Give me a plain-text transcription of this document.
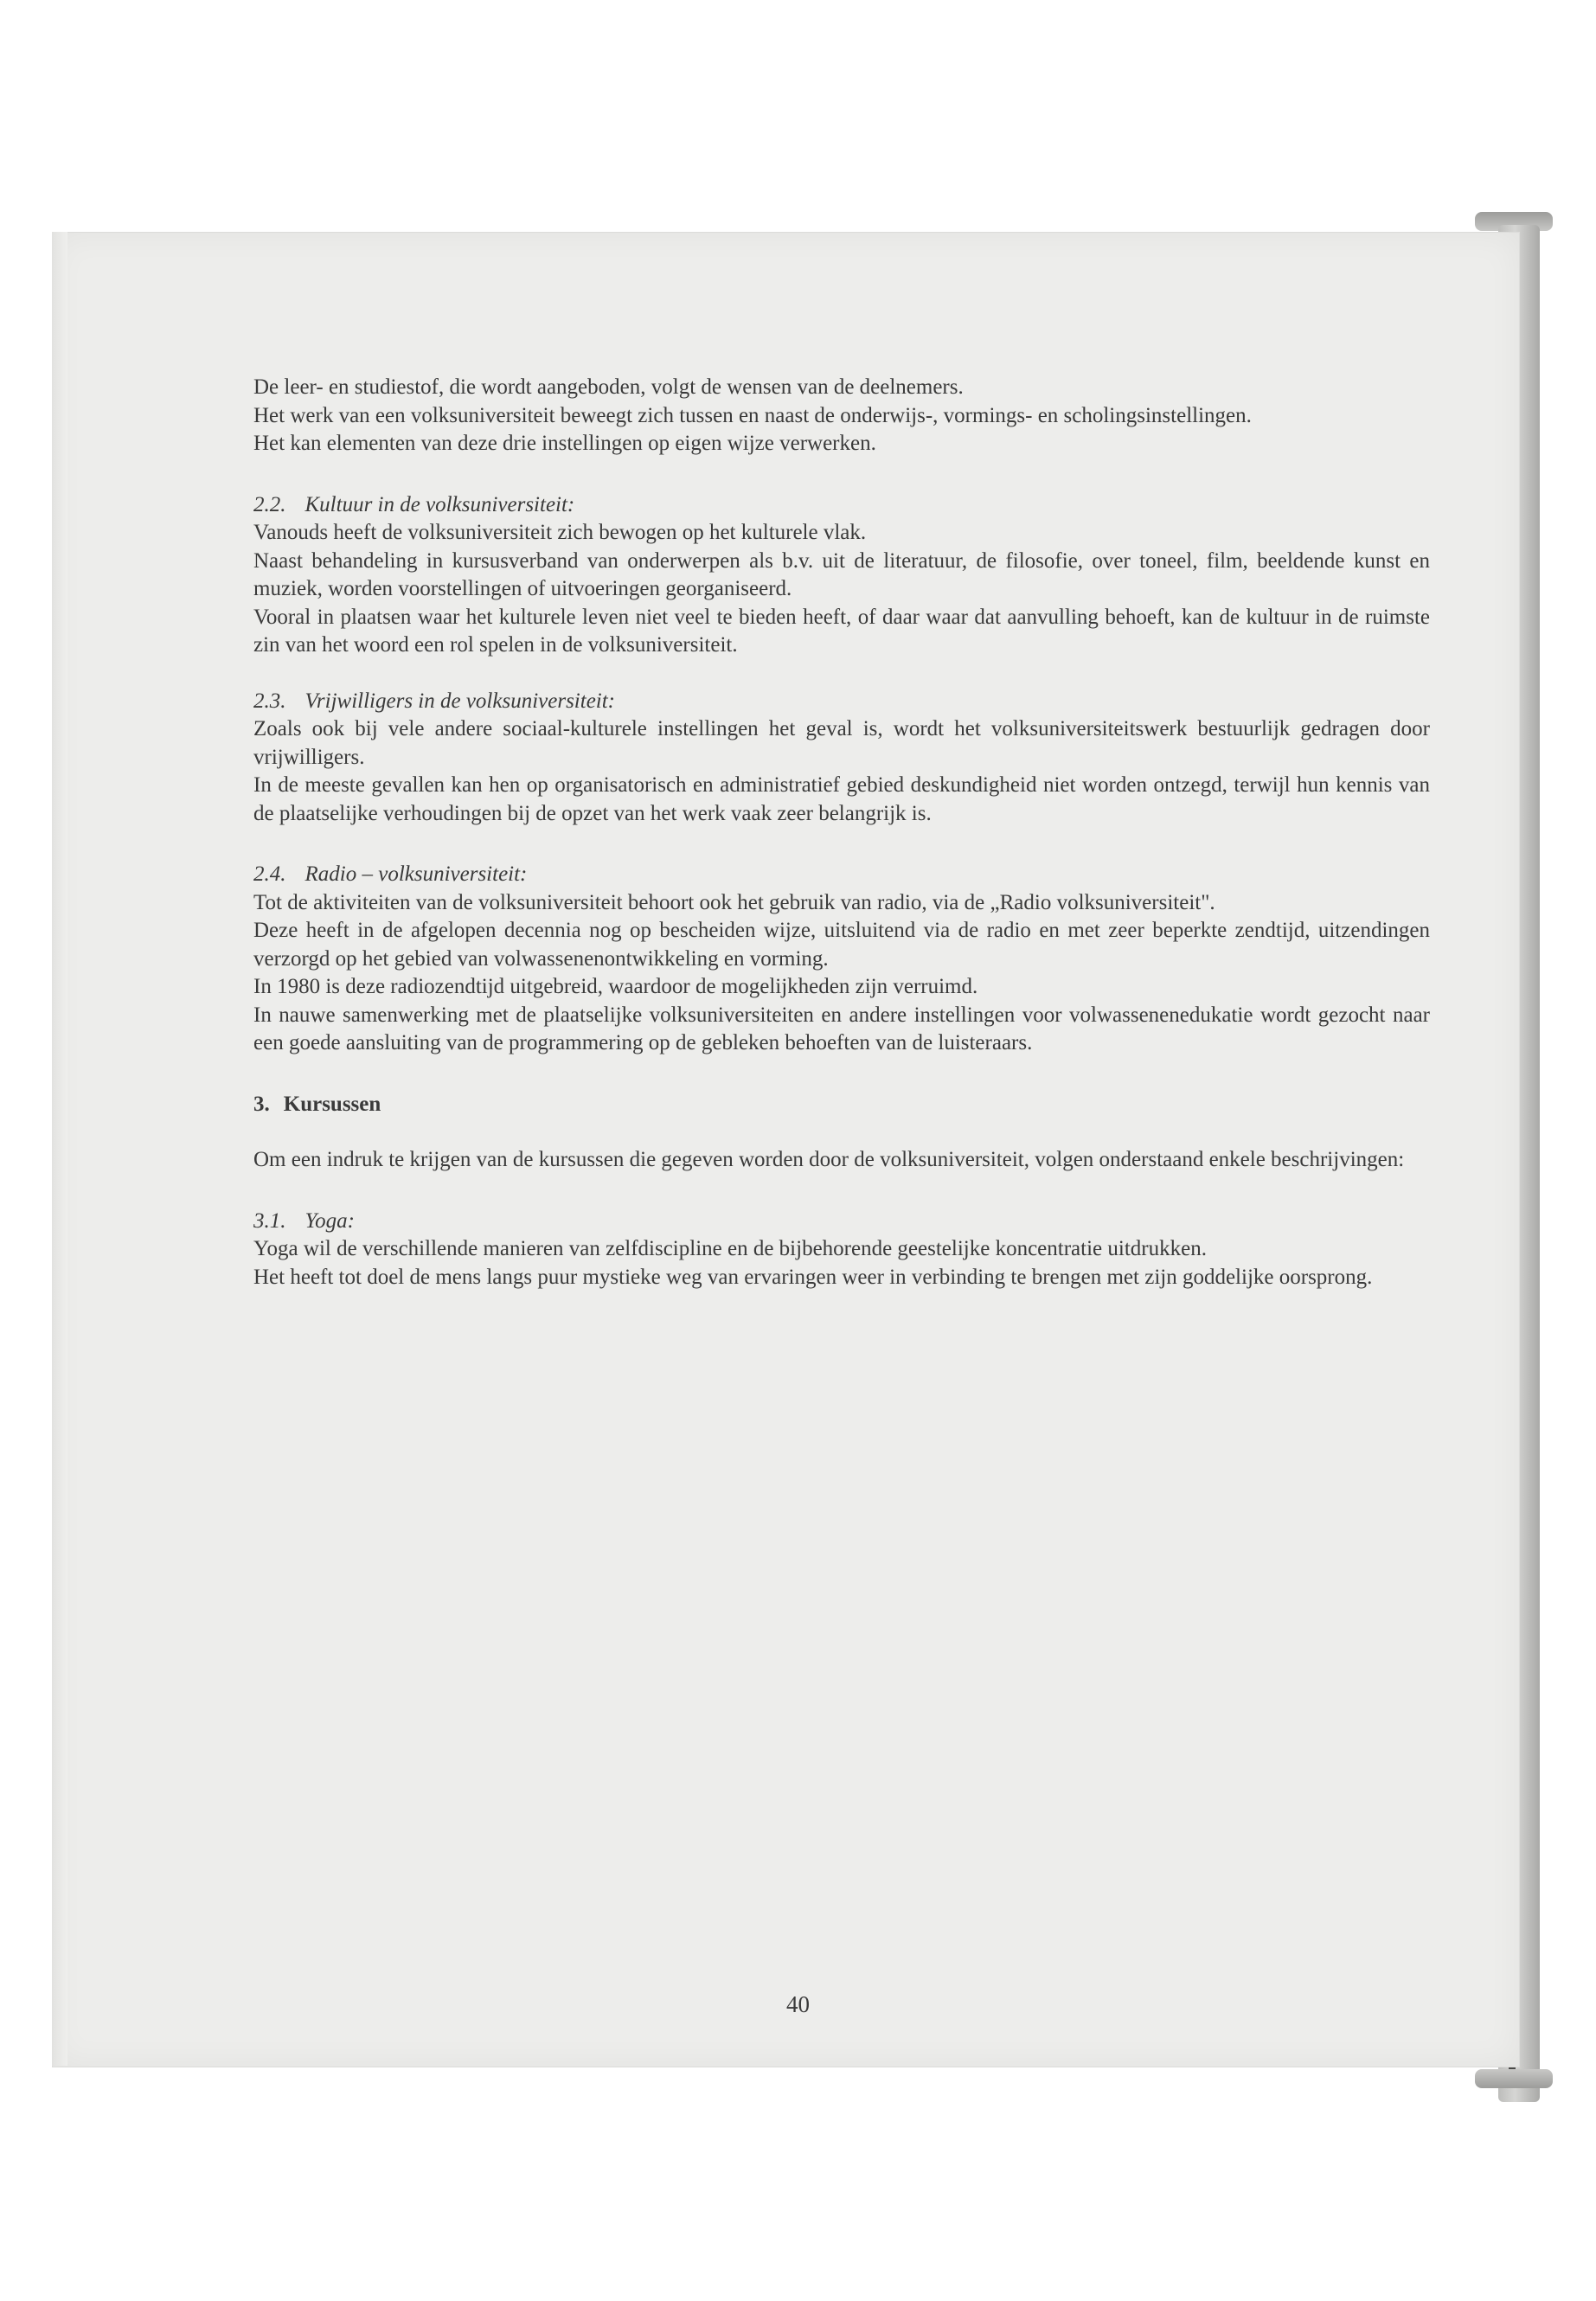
De leer- en studiestof, die wordt aangeboden, volgt de wensen van de deelnemers.

Het werk van een volksuniversiteit beweegt zich tussen en naast de onderwijs-, vormings- en scholingsinstellingen.

Het kan elementen van deze drie instellingen op eigen wijze verwerken.

2.2. Kultuur in de volksuniversiteit:

Vanouds heeft de volksuniversiteit zich bewogen op het kulturele vlak.

Naast behandeling in kursusverband van onderwerpen als b.v. uit de literatuur, de filosofie, over toneel, film, beeldende kunst en muziek, worden voorstellingen of uitvoeringen georganiseerd.

Vooral in plaatsen waar het kulturele leven niet veel te bieden heeft, of daar waar dat aanvulling behoeft, kan de kultuur in de ruimste zin van het woord een rol spelen in de volksuniversiteit.

2.3. Vrijwilligers in de volksuniversiteit:

Zoals ook bij vele andere sociaal-kulturele instellingen het geval is, wordt het volksuniversiteitswerk bestuurlijk gedragen door vrijwilligers.

In de meeste gevallen kan hen op organisatorisch en administratief gebied deskundigheid niet worden ontzegd, terwijl hun kennis van de plaatselijke verhoudingen bij de opzet van het werk vaak zeer belangrijk is.

2.4. Radio – volksuniversiteit:

Tot de aktiviteiten van de volksuniversiteit behoort ook het gebruik van radio, via de „Radio volksuniversiteit".

Deze heeft in de afgelopen decennia nog op bescheiden wijze, uitsluitend via de radio en met zeer beperkte zendtijd, uitzendingen verzorgd op het gebied van volwassenenontwikkeling en vorming.

In 1980 is deze radiozendtijd uitgebreid, waardoor de mogelijkheden zijn verruimd.

In nauwe samenwerking met de plaatselijke volksuniversiteiten en andere instellingen voor volwassenenedukatie wordt gezocht naar een goede aansluiting van de programmering op de gebleken behoeften van de luisteraars.

3. Kursussen

Om een indruk te krijgen van de kursussen die gegeven worden door de volksuniversiteit, volgen onderstaand enkele beschrijvingen:

3.1. Yoga:

Yoga wil de verschillende manieren van zelfdiscipline en de bijbehorende geestelijke koncentratie uitdrukken.

Het heeft tot doel de mens langs puur mystieke weg van ervaringen weer in verbinding te brengen met zijn goddelijke oorsprong.

40
